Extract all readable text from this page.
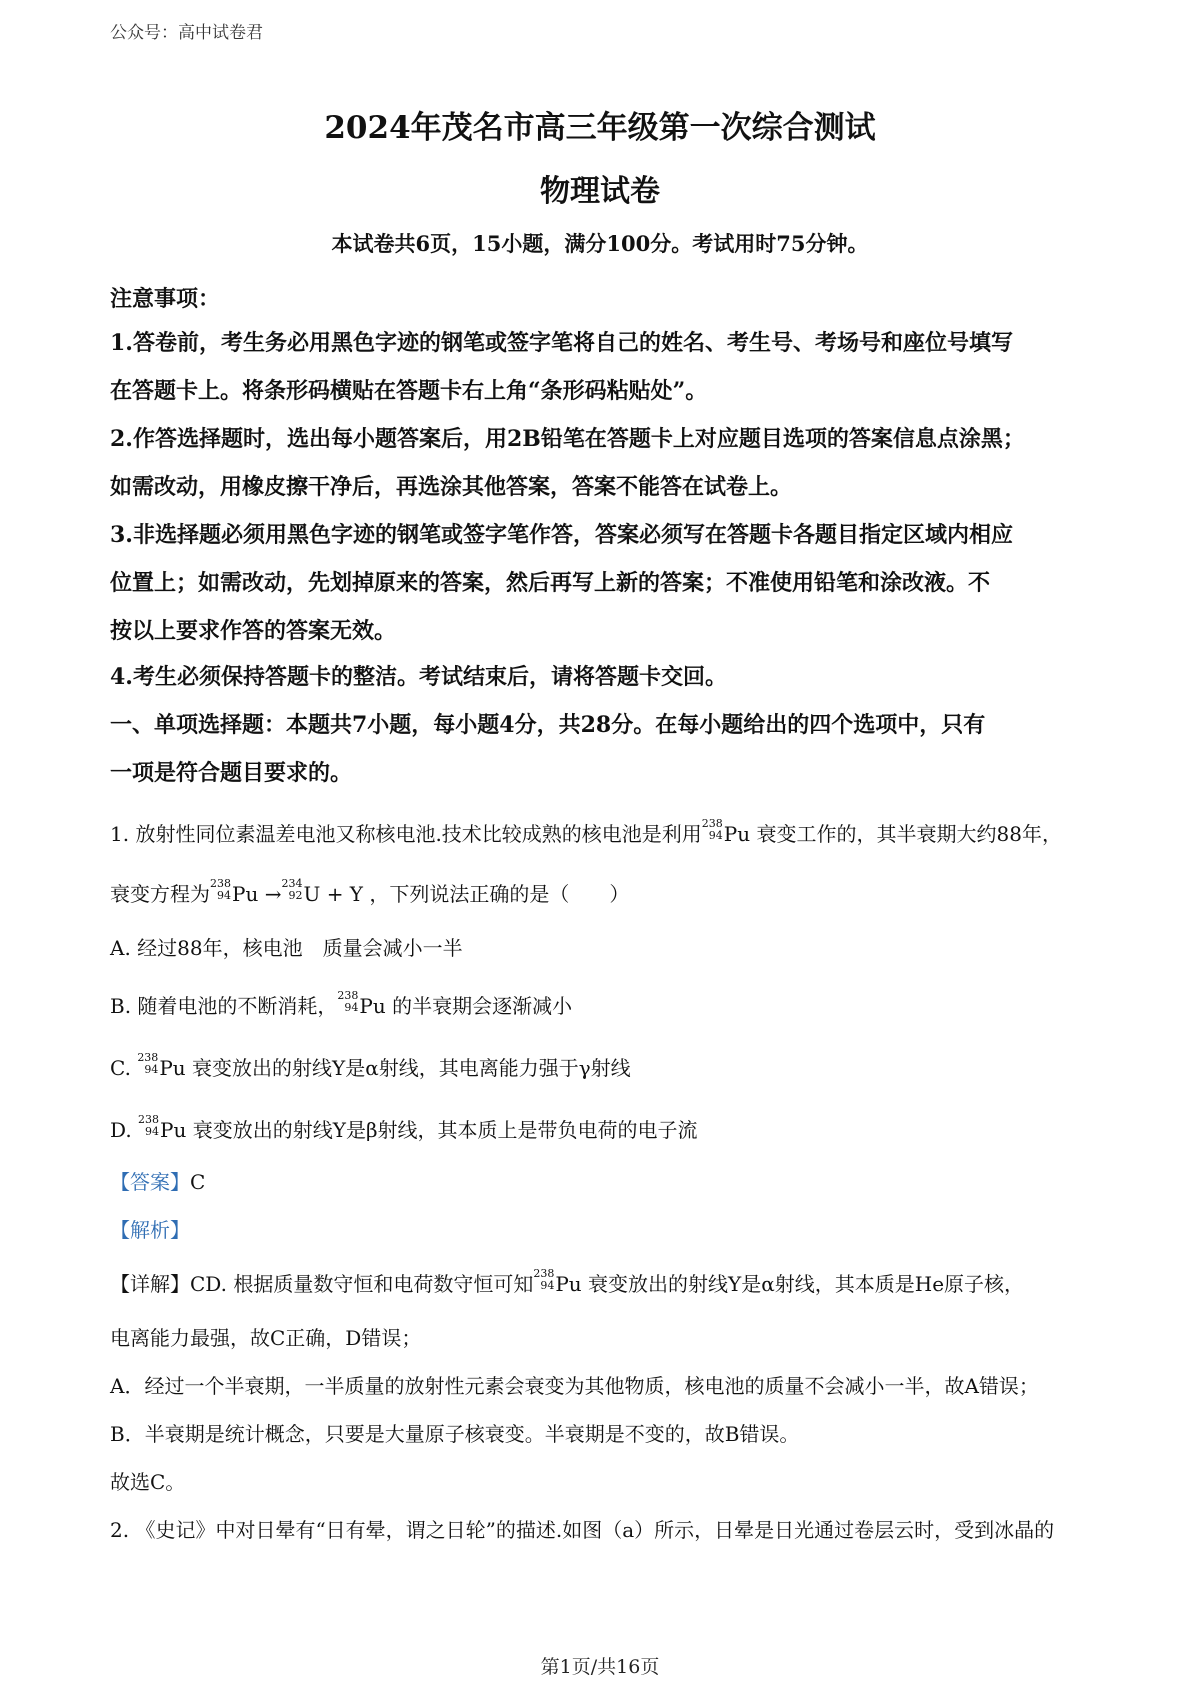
公众号：高中试卷君
2024年茂名市高三年级第一次综合测试
物理试卷
本试卷共6页，15小题，满分100分。考试用时75分钟。
注意事项：
1.答卷前，考生务必用黑色字迹的钢笔或签字笔将自己的姓名、考生号、考场号和座位号填写
在答题卡上。将条形码横贴在答题卡右上角“条形码粘贴处”。
2.作答选择题时，选出每小题答案后，用2B铅笔在答题卡上对应题目选项的答案信息点涂黑；
如需改动，用橡皮擦干净后，再选涂其他答案，答案不能答在试卷上。
3.非选择题必须用黑色字迹的钢笔或签字笔作答，答案必须写在答题卡各题目指定区域内相应
位置上；如需改动，先划掉原来的答案，然后再写上新的答案；不准使用铅笔和涂改液。不
按以上要求作答的答案无效。
4.考生必须保持答题卡的整洁。考试结束后，请将答题卡交回。
一、单项选择题：本题共7小题，每小题4分，共28分。在每小题给出的四个选项中，只有
一项是符合题目要求的。
1. 放射性同位素温差电池又称核电池.技术比较成熟的核电池是利用 238
94 Pu 衰变工作的，其半衰期大约88年，
衰变方程为 238
94 Pu → 234
92 U + Y ，下列说法正确的是（　　）
A. 经过88年，核电池　质量会减小一半
B. 随着电池的不断消耗， 238
94 Pu 的半衰期会逐渐减小
C. 238
94 Pu 衰变放出的射线Y是α射线，其电离能力强于γ射线
D. 238
94 Pu 衰变放出的射线Y是β射线，其本质上是带负电荷的电子流
【答案】C
【解析】
【详解】CD. 根据质量数守恒和电荷数守恒可知 238
94 Pu 衰变放出的射线Y是α射线，其本质是He原子核，
电离能力最强，故C正确，D错误；
A．经过一个半衰期，一半质量的放射性元素会衰变为其他物质，核电池的质量不会减小一半，故A错误；
B．半衰期是统计概念，只要是大量原子核衰变。半衰期是不变的，故B错误。
故选C。
2. 《史记》中对日晕有“日有晕，谓之日轮”的描述.如图（a）所示，日晕是日光通过卷层云时，受到冰晶的
第1页/共16页
